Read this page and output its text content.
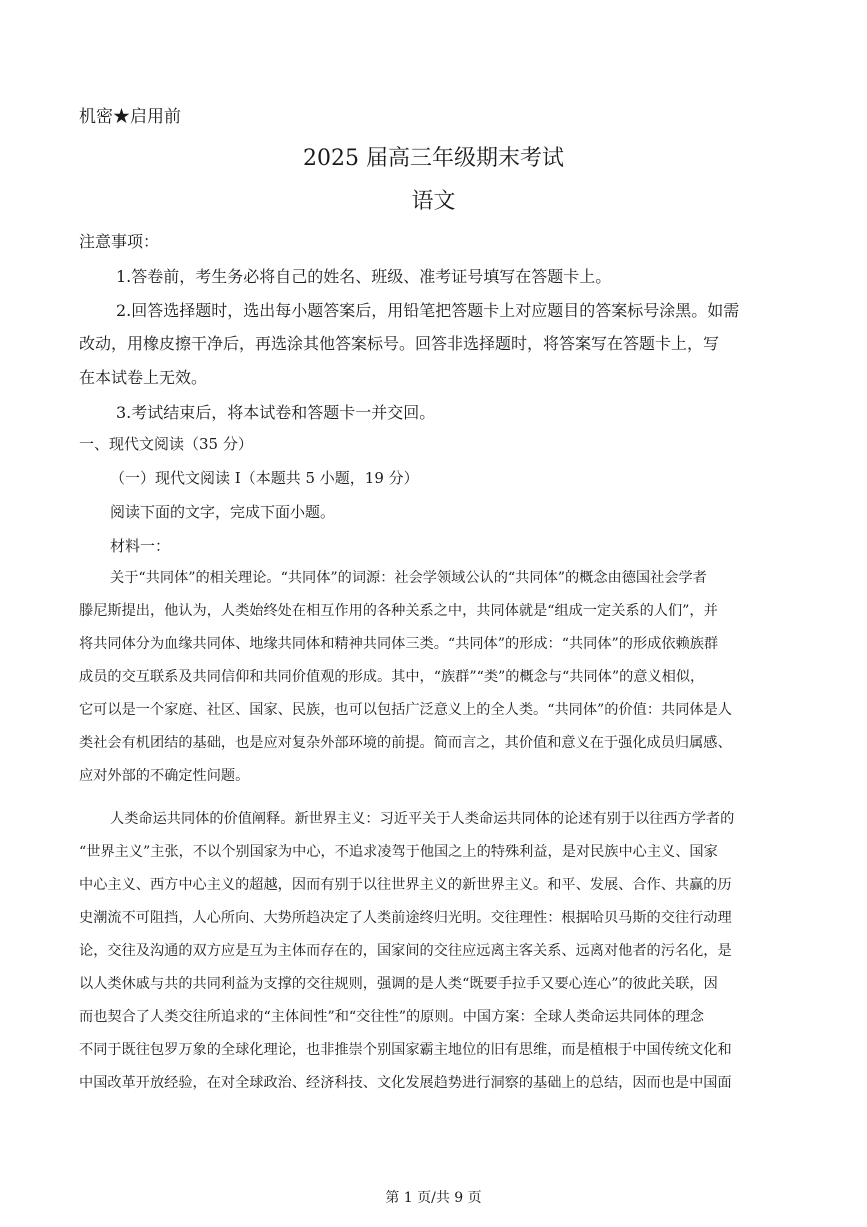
机密★启用前
2025 届高三年级期末考试
语文
注意事项：
1.答卷前，考生务必将自己的姓名、班级、准考证号填写在答题卡上。
2.回答选择题时，选出每小题答案后，用铅笔把答题卡上对应题目的答案标号涂黑。如需
改动，用橡皮擦干净后，再选涂其他答案标号。回答非选择题时，将答案写在答题卡上，写
在本试卷上无效。
3.考试结束后，将本试卷和答题卡一并交回。
一、现代文阅读（35 分）
（一）现代文阅读 I（本题共 5 小题，19 分）
阅读下面的文字，完成下面小题。
材料一：

关于“共同体”的相关理论。“共同体”的词源：社会学领域公认的“共同体”的概念由德国社会学者

滕尼斯提出，他认为，人类始终处在相互作用的各种关系之中，共同体就是“组成一定关系的人们”，并

将共同体分为血缘共同体、地缘共同体和精神共同体三类。“共同体”的形成：“共同体”的形成依赖族群

成员的交互联系及共同信仰和共同价值观的形成。其中，“族群”“类”的概念与“共同体”的意义相似，

它可以是一个家庭、社区、国家、民族，也可以包括广泛意义上的全人类。“共同体”的价值：共同体是人

类社会有机团结的基础，也是应对复杂外部环境的前提。简而言之，其价值和意义在于强化成员归属感、

应对外部的不确定性问题。

人类命运共同体的价值阐释。新世界主义：习近平关于人类命运共同体的论述有别于以往西方学者的

“世界主义”主张，不以个别国家为中心，不追求凌驾于他国之上的特殊利益，是对民族中心主义、国家

中心主义、西方中心主义的超越，因而有别于以往世界主义的新世界主义。和平、发展、合作、共赢的历

史潮流不可阻挡，人心所向、大势所趋决定了人类前途终归光明。交往理性：根据哈贝马斯的交往行动理

论，交往及沟通的双方应是互为主体而存在的，国家间的交往应远离主客关系、远离对他者的污名化，是

以人类休戚与共的共同利益为支撑的交往规则，强调的是人类“既要手拉手又要心连心”的彼此关联，因

而也契合了人类交往所追求的“主体间性”和“交往性”的原则。中国方案：全球人类命运共同体的理念

不同于既往包罗万象的全球化理论，也非推崇个别国家霸主地位的旧有思维，而是植根于中国传统文化和

中国改革开放经验，在对全球政治、经济科技、文化发展趋势进行洞察的基础上的总结，因而也是中国面

第 1 页/共 9 页
